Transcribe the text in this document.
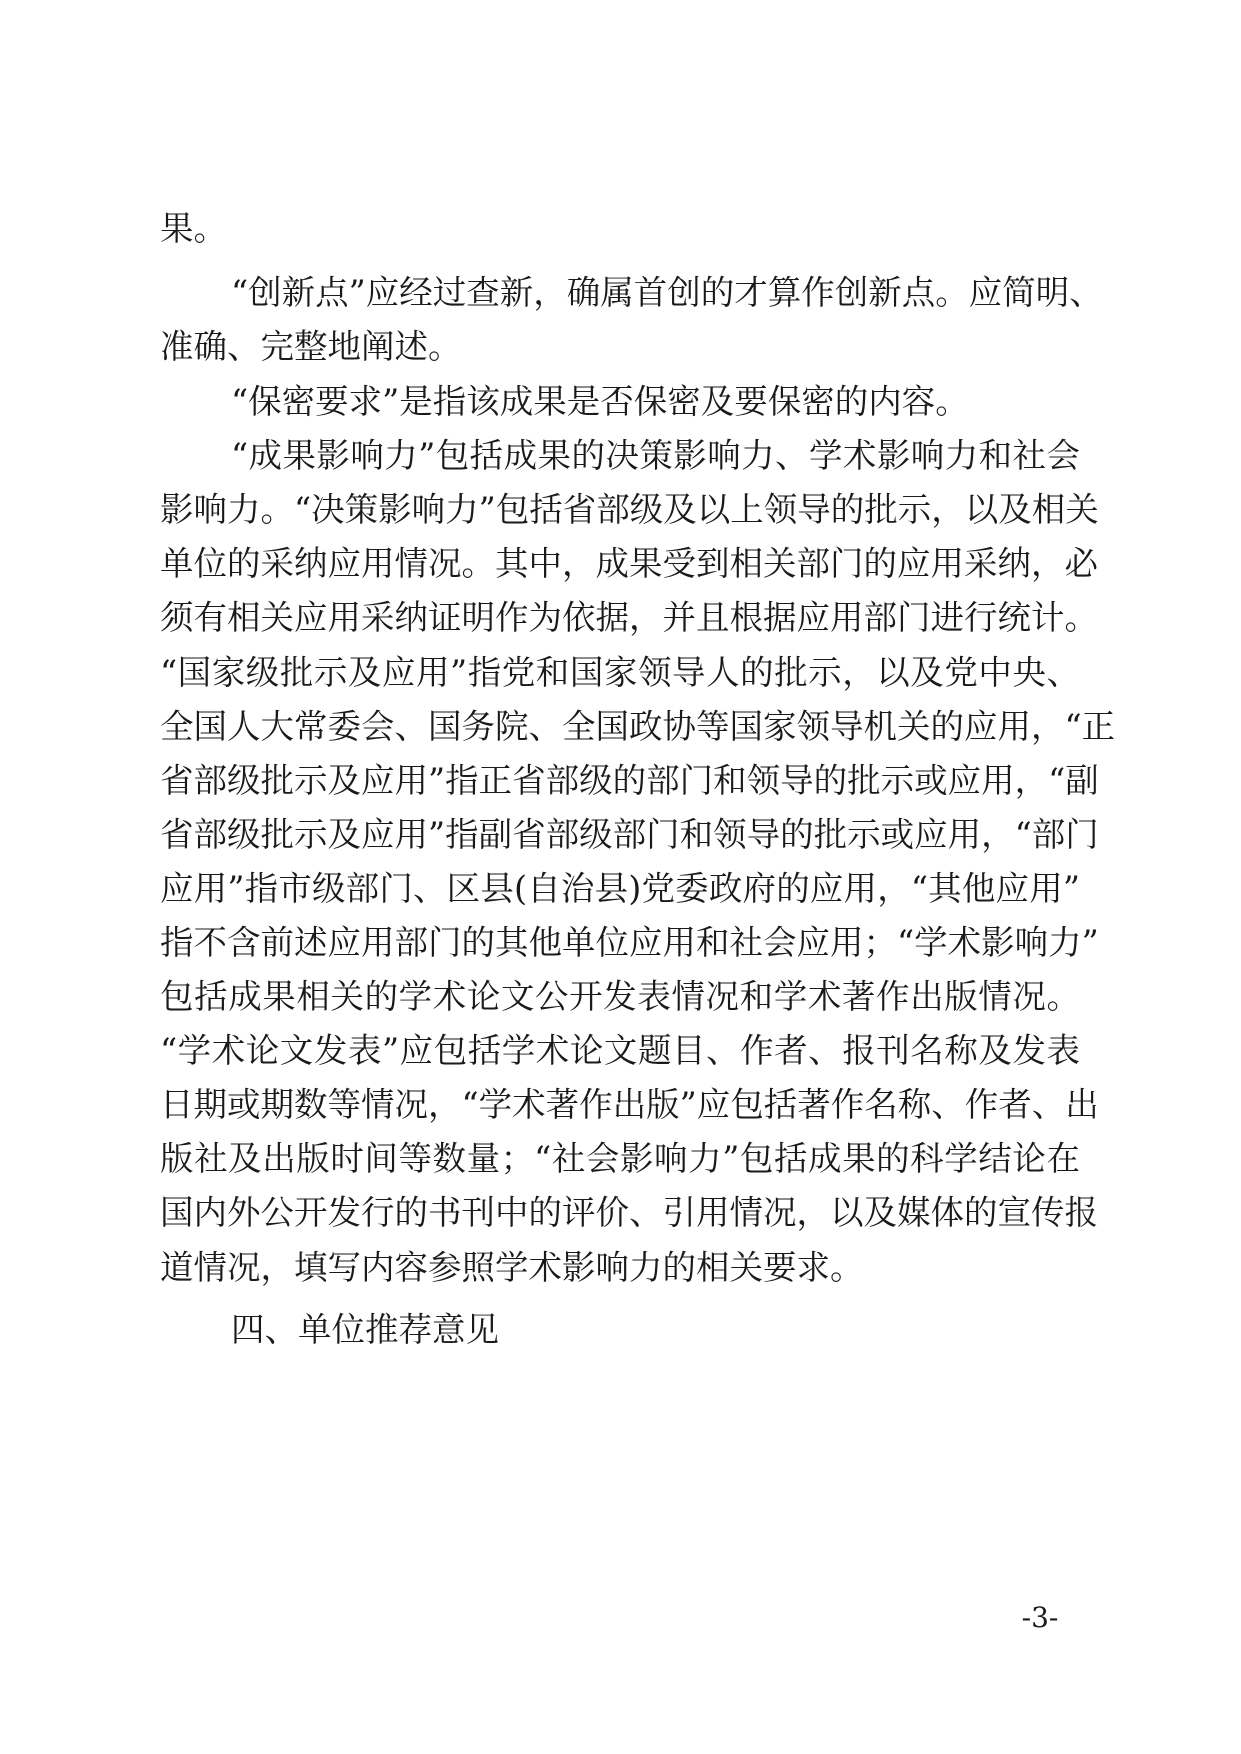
果。
“创新点”应经过查新，确属首创的才算作创新点。应简明、
准确、完整地阐述。
“保密要求”是指该成果是否保密及要保密的内容。
“成果影响力”包括成果的决策影响力、学术影响力和社会
影响力。“决策影响力”包括省部级及以上领导的批示，以及相关
单位的采纳应用情况。其中，成果受到相关部门的应用采纳，必
须有相关应用采纳证明作为依据，并且根据应用部门进行统计。
“国家级批示及应用”指党和国家领导人的批示，以及党中央、
全国人大常委会、国务院、全国政协等国家领导机关的应用，“正
省部级批示及应用”指正省部级的部门和领导的批示或应用，“副
省部级批示及应用”指副省部级部门和领导的批示或应用，“部门
应用”指市级部门、区县(自治县)党委政府的应用，“其他应用”
指不含前述应用部门的其他单位应用和社会应用；“学术影响力”
包括成果相关的学术论文公开发表情况和学术著作出版情况。
“学术论文发表”应包括学术论文题目、作者、报刊名称及发表
日期或期数等情况，“学术著作出版”应包括著作名称、作者、出
版社及出版时间等数量；“社会影响力”包括成果的科学结论在
国内外公开发行的书刊中的评价、引用情况，以及媒体的宣传报
道情况，填写内容参照学术影响力的相关要求。
四、单位推荐意见
-3-
